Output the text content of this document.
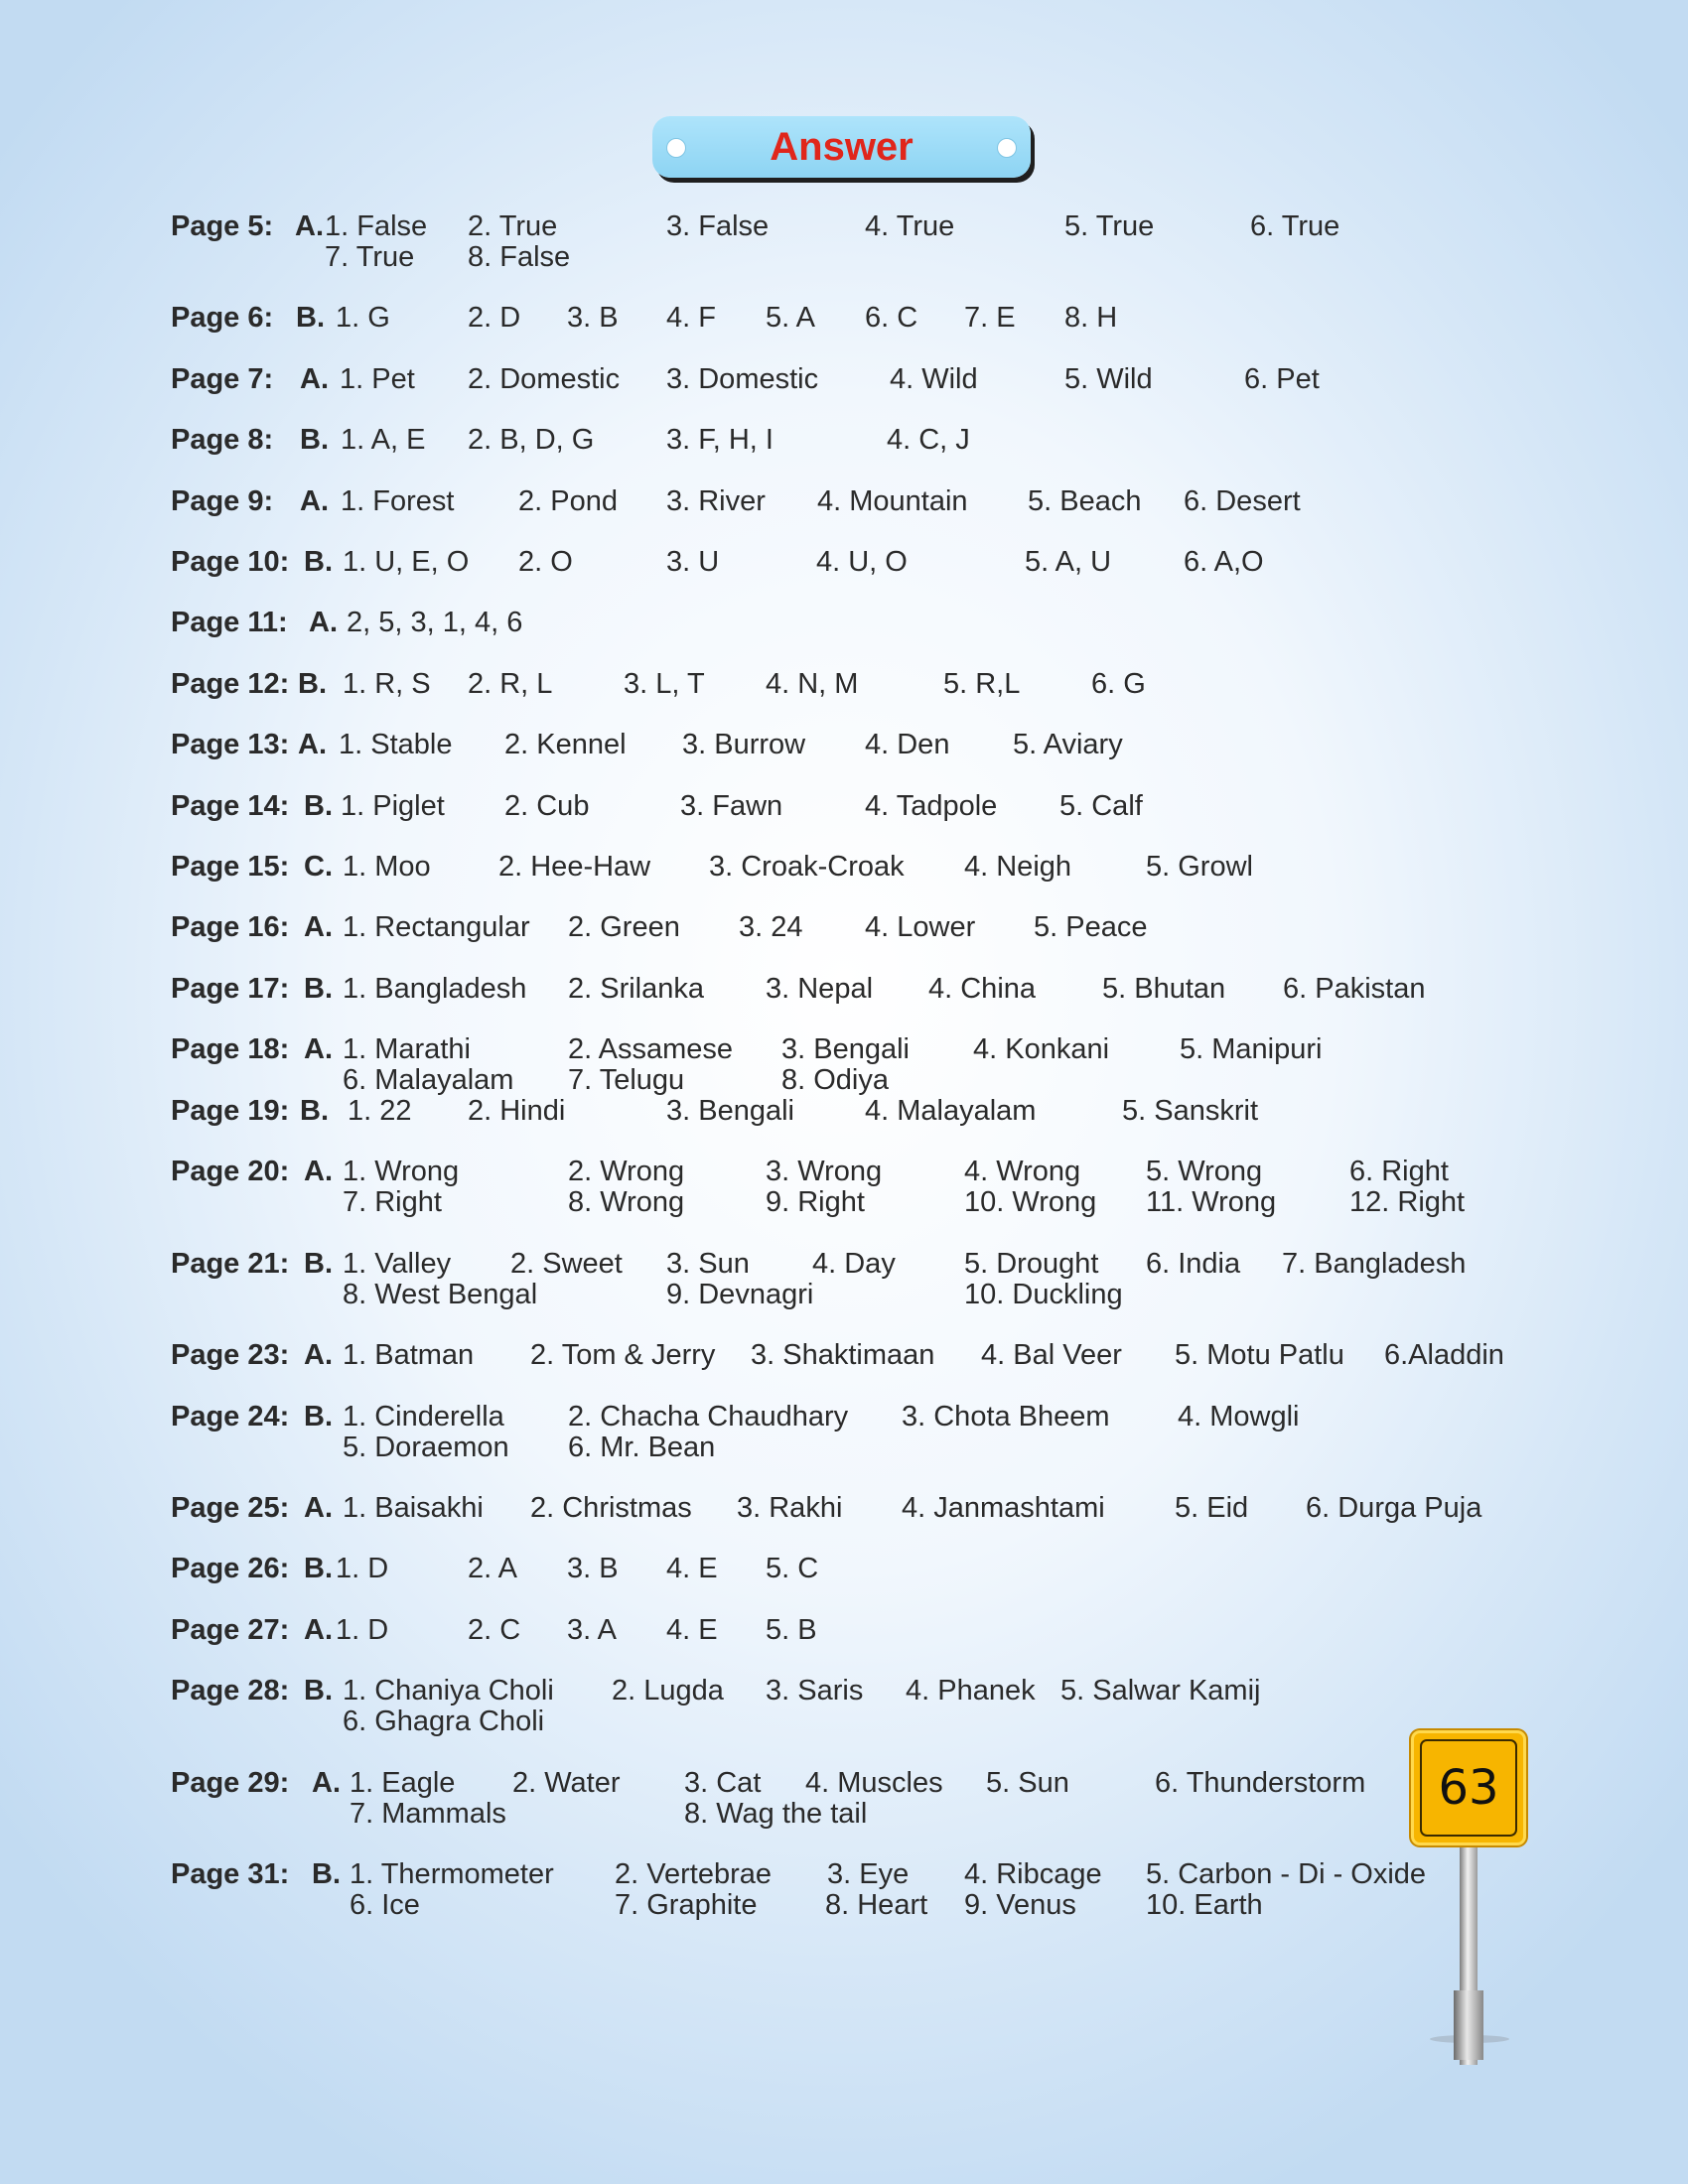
Answer
Page 5: A. 1. False 2. True	3. False	4. True	5. True	6. True
7. True 8. False
Page 6: B. 1. G	2. D 3. B 4. F 5. A 6. C 7. E 8. H
Page 7: A. 1. Pet 2. Domestic 3. Domestic 4. Wild	5. Wild	6. Pet
Page 8: B. 1. A, E 2. B, D, G	3. F, H, I	4. C, J
Page 9: A. 1. Forest 2. Pond 3. River 4. Mountain 5. Beach 6. Desert
Page 10: B. 1. U, E, O 2. O	3. U	4. U, O	5. A, U	6. A,O
Page 11: A. 2, 5, 3, 1, 4, 6
Page 12: B. 1. R, S 2. R, L 3. L, T 4. N, M	5. R,L 6. G
Page 13: A. 1. Stable 2. Kennel 3. Burrow 4. Den 5. Aviary
Page 14: B. 1. Piglet 2. Cub	3. Fawn	4. Tadpole 5. Calf
Page 15: C. 1. Moo 2. Hee-Haw 3. Croak-Croak 4. Neigh	5. Growl
Page 16: A. 1. Rectangular 2. Green 3. 24 4. Lower 5. Peace
Page 17: B. 1. Bangladesh 2. Srilanka 3. Nepal 4. China 5. Bhutan 6. Pakistan
Page 18: A. 1. Marathi	2. Assamese 3. Bengali 4. Konkani 5. Manipuri
6. Malayalam 7. Telugu	8. Odiya
Page 19: B. 1. 22 2. Hindi	3. Bengali 4. Malayalam	5. Sanskrit
Page 20: A. 1. Wrong	2. Wrong	3. Wrong	4. Wrong 5. Wrong	6. Right
7. Right	8. Wrong	9. Right	10. Wrong 11. Wrong	12. Right
Page 21: B. 1. Valley 2. Sweet 3. Sun 4. Day 5. Drought 6. India 7. Bangladesh
8. West Bengal	9. Devnagri	10. Duckling
Page 23: A. 1. Batman 2. Tom & Jerry 3. Shaktimaan 4. Bal Veer 5. Motu Patlu 6.Aladdin
Page 24: B. 1. Cinderella 2. Chacha Chaudhary 3. Chota Bheem 4. Mowgli
5. Doraemon 6. Mr. Bean
Page 25: A. 1. Baisakhi 2. Christmas 3. Rakhi 4. Janmashtami 5. Eid 6. Durga Puja
Page 26: B. 1. D	2. A 3. B 4. E 5. C
Page 27: A. 1. D	2. C 3. A 4. E 5. B
Page 28: B. 1. Chaniya Choli 2. Lugda 3. Saris 4. Phanek 5. Salwar Kamij
6. Ghagra Choli
Page 29: A. 1. Eagle 2. Water 3. Cat 4. Muscles 5. Sun	6. Thunderstorm
7. Mammals	8. Wag the tail
Page 31: B. 1. Thermometer 2. Vertebrae 3. Eye 4. Ribcage 5. Carbon - Di - Oxide
6. Ice	7. Graphite 8. Heart 9. Venus 10. Earth
63
